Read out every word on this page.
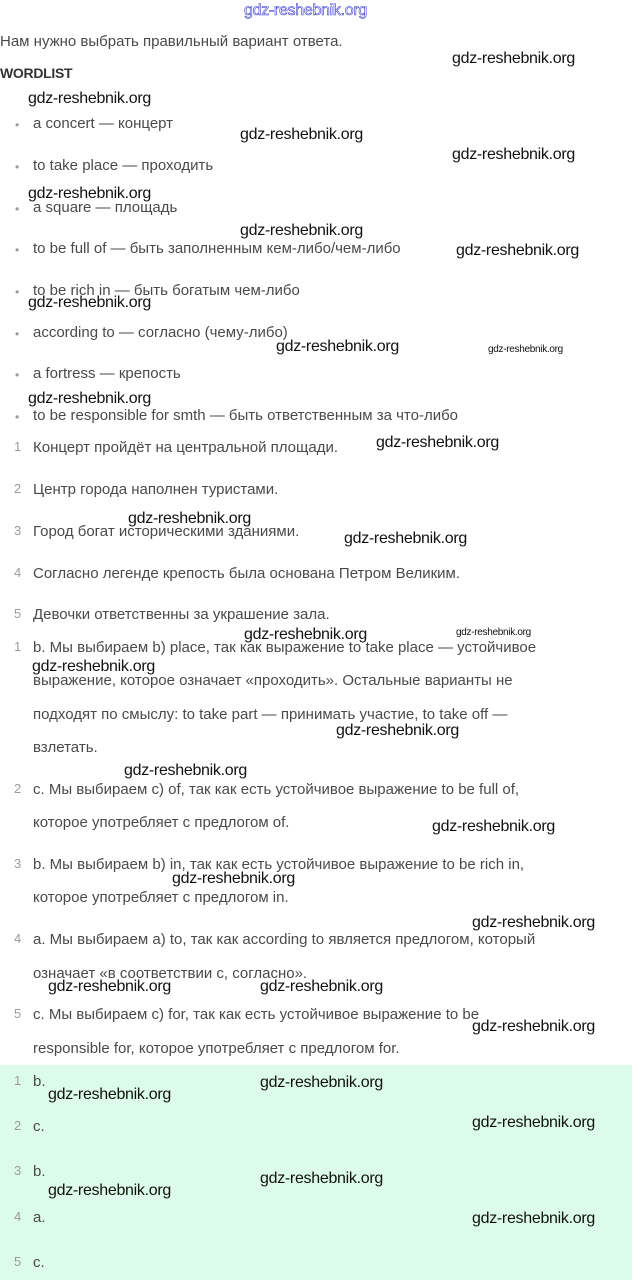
gdz-reshebnik.org
Нам нужно выбрать правильный вариант ответа.
WORDLIST
• a concert — концерт
• to take place — проходить
• a square — площадь
• to be full of — быть заполненным кем-либо/чем-либо
• to be rich in — быть богатым чем-либо
• according to — согласно (чему-либо)
• a fortress — крепость
• to be responsible for smth — быть ответственным за что-либо
1 Концерт пройдёт на центральной площади.
2 Центр города наполнен туристами.
3 Город богат историческими зданиями.
4 Согласно легенде крепость была основана Петром Великим.
5 Девочки ответственны за украшение зала.
1 b. Мы выбираем b) place, так как выражение to take place — устойчивое
выражение, которое означает «проходить». Остальные варианты не
подходят по смыслу: to take part — принимать участие, to take off —
взлетать.
2 c. Мы выбираем c) of, так как есть устойчивое выражение to be full of,
которое употребляет с предлогом of.
3 b. Мы выбираем b) in, так как есть устойчивое выражение to be rich in,
которое употребляет с предлогом in.
4 a. Мы выбираем a) to, так как according to является предлогом, который
означает «в соответствии с, согласно».
5 c. Мы выбираем c) for, так как есть устойчивое выражение to be
responsible for, которое употребляет с предлогом for.
1 b.
2 c.
3 b.
4 a.
5 c.
gdz-reshebnik.org
gdz-reshebnik.org
gdz-reshebnik.org
gdz-reshebnik.org
gdz-reshebnik.org
gdz-reshebnik.org
gdz-reshebnik.org
gdz-reshebnik.org
gdz-reshebnik.org	gdz-reshebnik.org
gdz-reshebnik.org
gdz-reshebnik.org
gdz-reshebnik.org
gdz-reshebnik.org
gdz-reshebnik.org	gdz-reshebnik.org
gdz-reshebnik.org
gdz-reshebnik.org
gdz-reshebnik.org
gdz-reshebnik.org
gdz-reshebnik.org
gdz-reshebnik.org
gdz-reshebnik.org	gdz-reshebnik.org
gdz-reshebnik.org
gdz-reshebnik.org
gdz-reshebnik.org
gdz-reshebnik.org
gdz-reshebnik.org
gdz-reshebnik.org
gdz-reshebnik.org
